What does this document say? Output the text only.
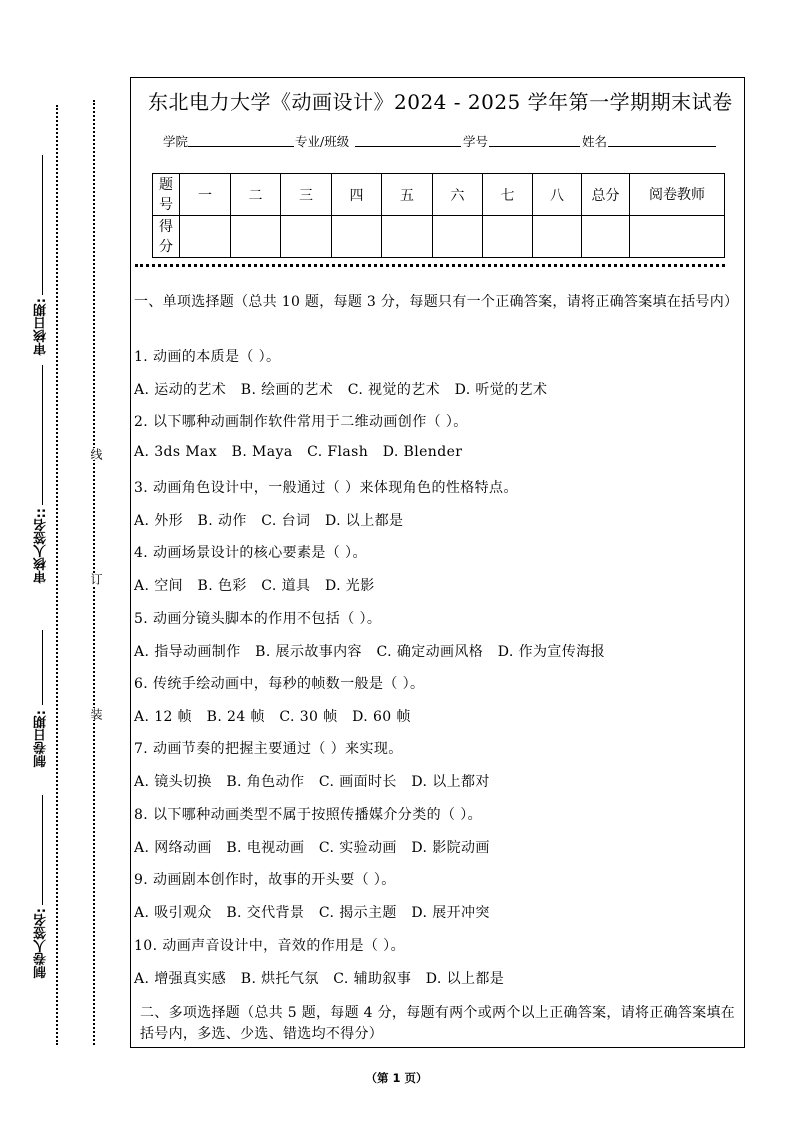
审核日期:
审核人签名::
制卷日期:
制卷人签名:
线
订
装
东北电力大学《动画设计》2024 - 2025 学年第一学期期末试卷
学院	专业/班级	学号	姓名
题号	一	二	三	四	五	六	七	八	总分	阅卷教师
得分										
一、单项选择题（总共 10 题，每题 3 分，每题只有一个正确答案，请将正确答案填在括号内）
1. 动画的本质是（ ）。
A. 运动的艺术   B. 绘画的艺术   C. 视觉的艺术   D. 听觉的艺术
2. 以下哪种动画制作软件常用于二维动画创作（ ）。
A. 3ds Max   B. Maya   C. Flash   D. Blender
3. 动画角色设计中，一般通过（ ）来体现角色的性格特点。
A. 外形   B. 动作   C. 台词   D. 以上都是
4. 动画场景设计的核心要素是（ ）。
A. 空间   B. 色彩   C. 道具   D. 光影
5. 动画分镜头脚本的作用不包括（ ）。
A. 指导动画制作   B. 展示故事内容   C. 确定动画风格   D. 作为宣传海报
6. 传统手绘动画中，每秒的帧数一般是（ ）。
A. 12 帧   B. 24 帧   C. 30 帧   D. 60 帧
7. 动画节奏的把握主要通过（ ）来实现。
A. 镜头切换   B. 角色动作   C. 画面时长   D. 以上都对
8. 以下哪种动画类型不属于按照传播媒介分类的（ ）。
A. 网络动画   B. 电视动画   C. 实验动画   D. 影院动画
9. 动画剧本创作时，故事的开头要（ ）。
A. 吸引观众   B. 交代背景   C. 揭示主题   D. 展开冲突
10. 动画声音设计中，音效的作用是（ ）。
A. 增强真实感   B. 烘托气氛   C. 辅助叙事   D. 以上都是
二、多项选择题（总共 5 题，每题 4 分，每题有两个或两个以上正确答案，请将正确答案填在括号内，多选、少选、错选均不得分）
（第 1 页）
